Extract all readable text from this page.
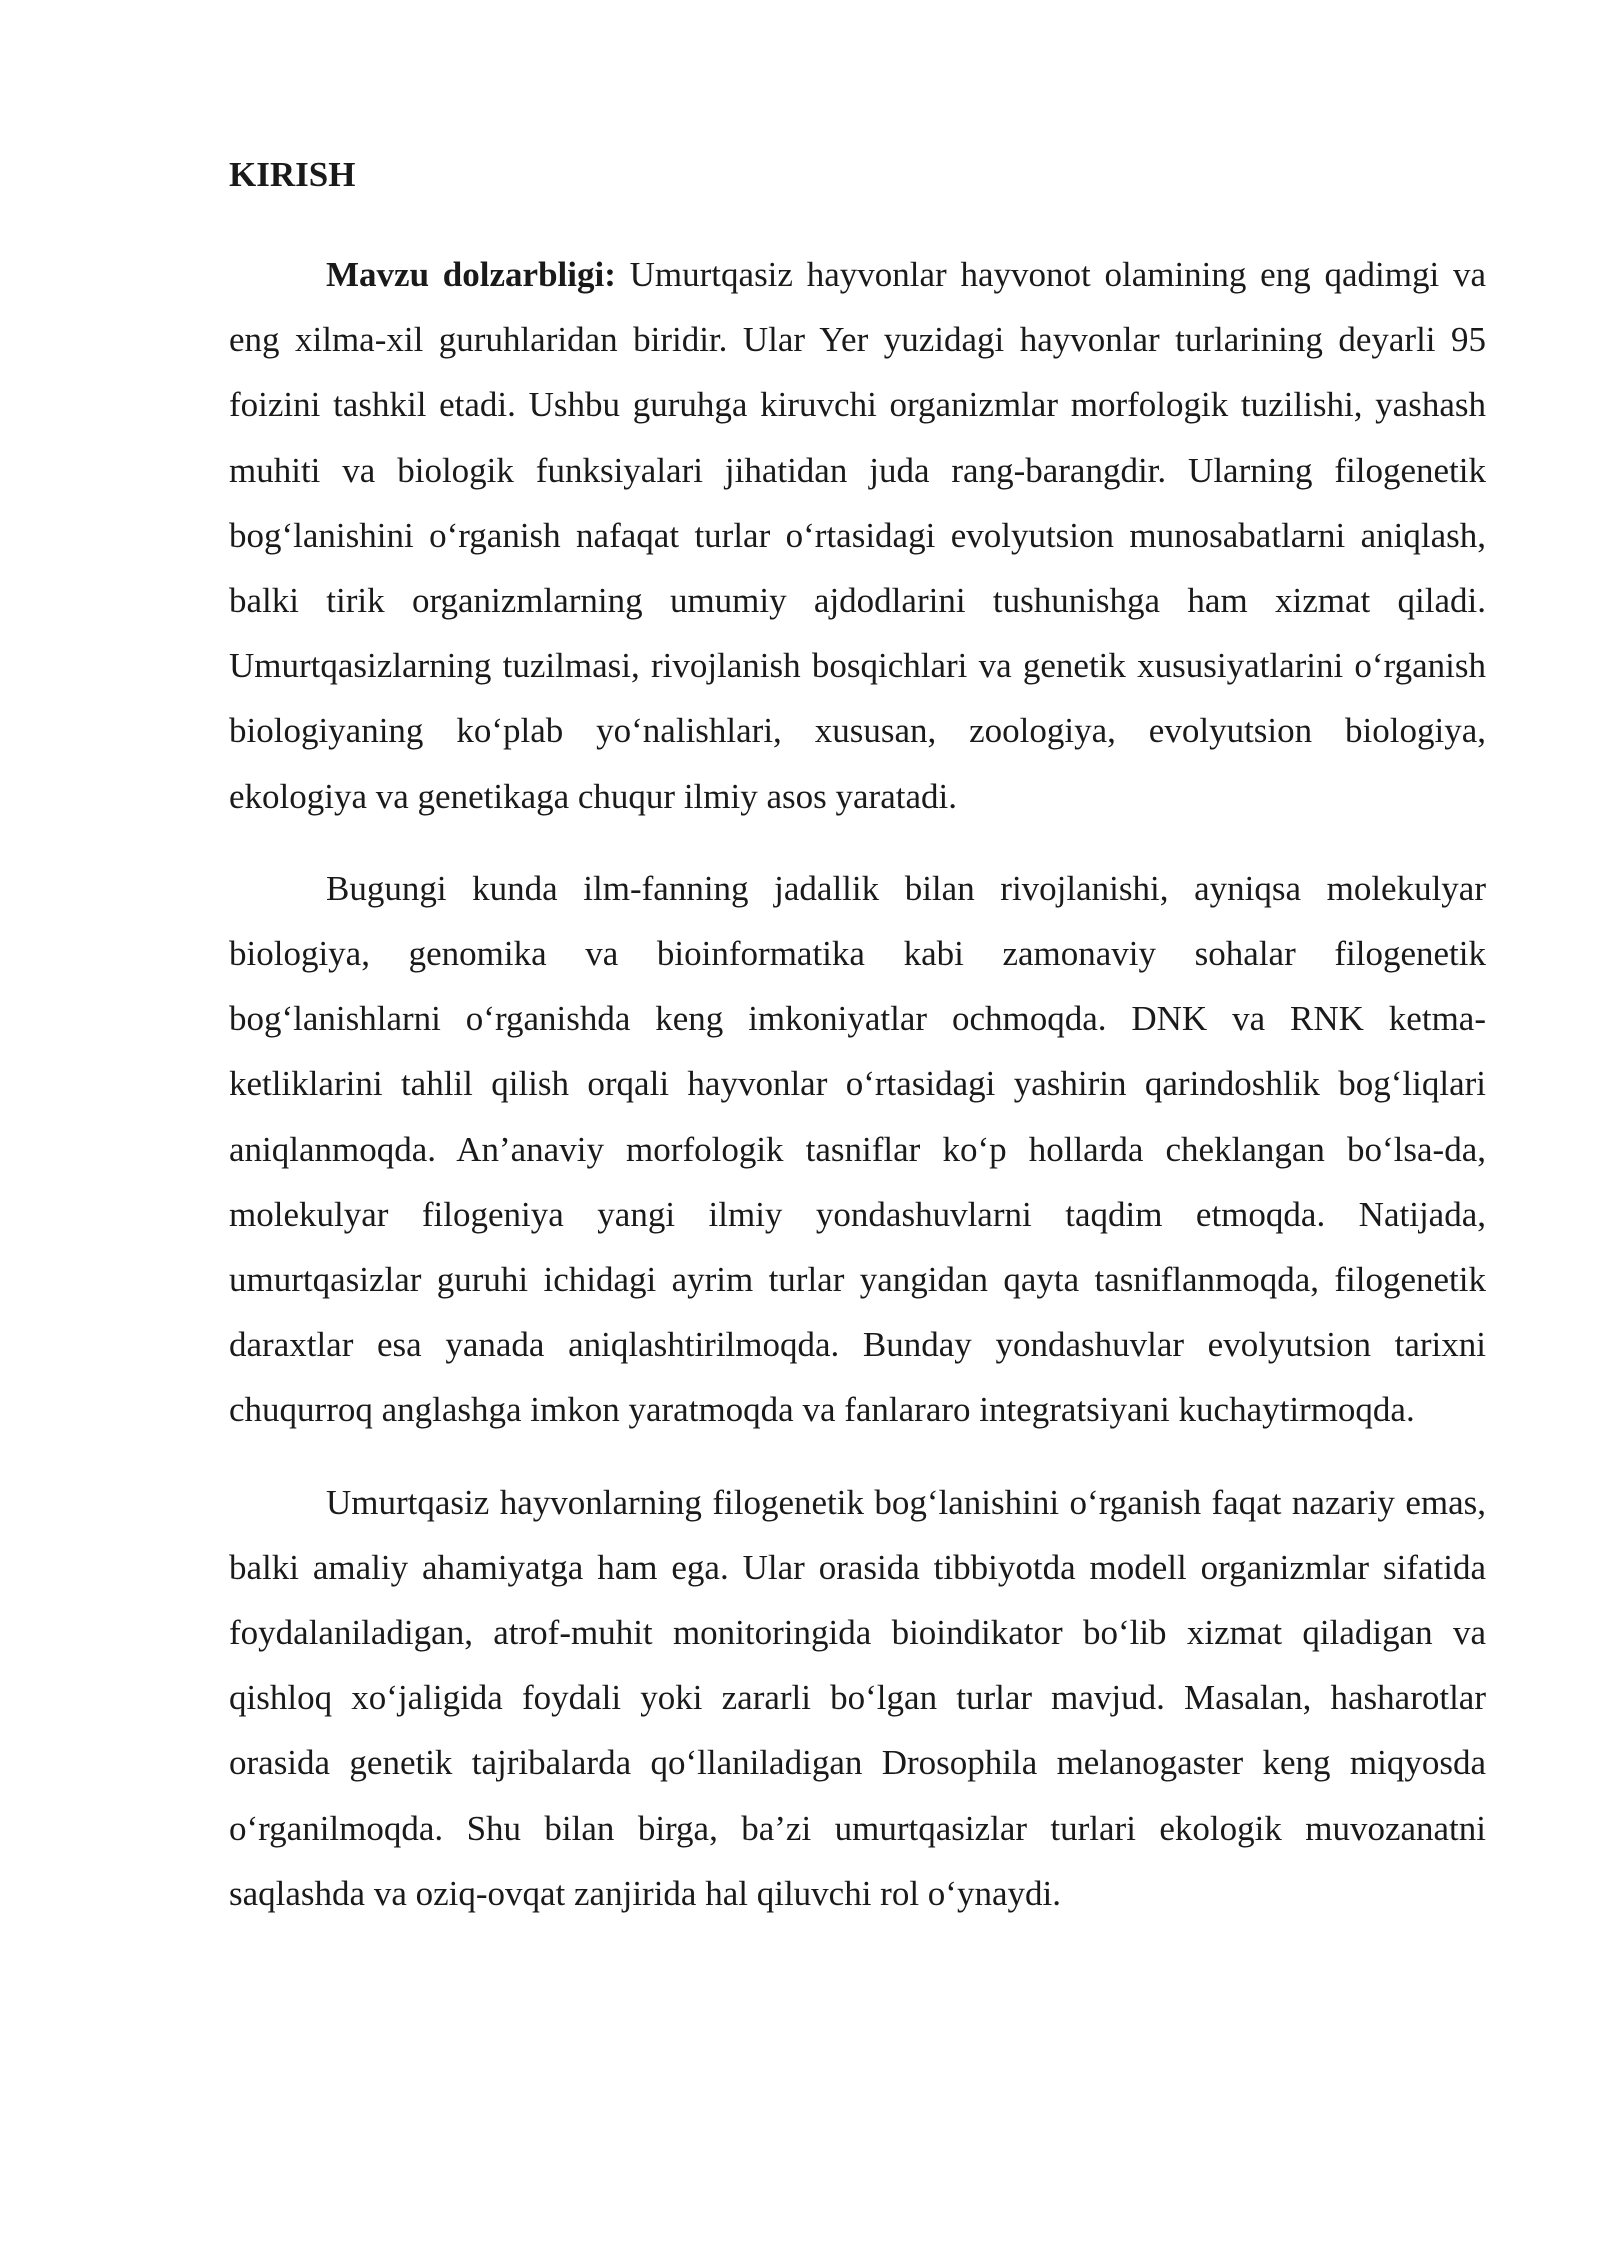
KIRISH

Mavzu dolzarbligi: Umurtqasiz hayvonlar hayvonot olamining eng qadimgi va eng xilma-xil guruhlaridan biridir. Ular Yer yuzidagi hayvonlar turlarining deyarli 95 foizini tashkil etadi. Ushbu guruhga kiruvchi organizmlar morfologik tuzilishi, yashash muhiti va biologik funksiyalari jihatidan juda rang-barangdir. Ularning filogenetik bog‘lanishini o‘rganish nafaqat turlar o‘rtasidagi evolyutsion munosabatlarni aniqlash, balki tirik organizmlarning umumiy ajdodlarini tushunishga ham xizmat qiladi. Umurtqasizlarning tuzilmasi, rivojlanish bosqichlari va genetik xususiyatlarini o‘rganish biologiyaning ko‘plab yo‘nalishlari, xususan, zoologiya, evolyutsion biologiya, ekologiya va genetikaga chuqur ilmiy asos yaratadi.

Bugungi kunda ilm-fanning jadallik bilan rivojlanishi, ayniqsa molekulyar biologiya, genomika va bioinformatika kabi zamonaviy sohalar filogenetik bog‘lanishlarni o‘rganishda keng imkoniyatlar ochmoqda. DNK va RNK ketma-ketliklarini tahlil qilish orqali hayvonlar o‘rtasidagi yashirin qarindoshlik bog‘liqlari aniqlanmoqda. An’anaviy morfologik tasniflar ko‘p hollarda cheklangan bo‘lsa-da, molekulyar filogeniya yangi ilmiy yondashuvlarni taqdim etmoqda. Natijada, umurtqasizlar guruhi ichidagi ayrim turlar yangidan qayta tasniflanmoqda, filogenetik daraxtlar esa yanada aniqlashtirilmoqda. Bunday yondashuvlar evolyutsion tarixni chuqurroq anglashga imkon yaratmoqda va fanlararo integratsiyani kuchaytirmoqda.

Umurtqasiz hayvonlarning filogenetik bog‘lanishini o‘rganish faqat nazariy emas, balki amaliy ahamiyatga ham ega. Ular orasida tibbiyotda modell organizmlar sifatida foydalaniladigan, atrof-muhit monitoringida bioindikator bo‘lib xizmat qiladigan va qishloq xo‘jaligida foydali yoki zararli bo‘lgan turlar mavjud. Masalan, hasharotlar orasida genetik tajribalarda qo‘llaniladigan Drosophila melanogaster keng miqyosda o‘rganilmoqda. Shu bilan birga, ba’zi umurtqasizlar turlari ekologik muvozanatni saqlashda va oziq-ovqat zanjirida hal qiluvchi rol o‘ynaydi.
